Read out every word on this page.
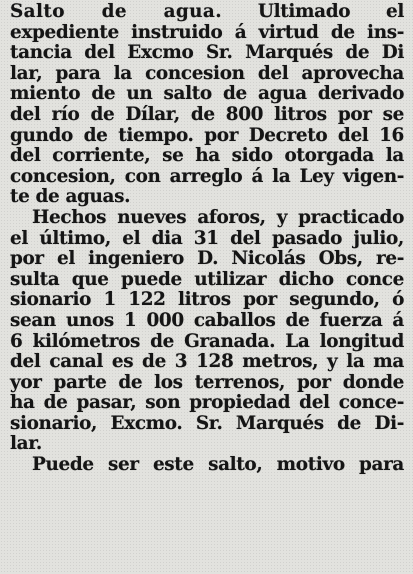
Salto de agua. Ultimado el
expediente instruido á virtud de ins-
tancia del Excmo Sr. Marqués de Di
lar, para la concesion del aprovecha
miento de un salto de agua derivado
del río de Dílar, de 800 litros por se
gundo de tiempo. por Decreto del 16
del corriente, se ha sido otorgada la
concesion, con arreglo á la Ley vigen-
te de aguas.

Hechos nueves aforos, y practicado
el último, el dia 31 del pasado julio,
por el ingeniero D. Nicolás Obs, re-
sulta que puede utilizar dicho conce
sionario 1 122 litros por segundo, ó
sean unos 1 000 caballos de fuerza á
6 kilómetros de Granada. La longitud
del canal es de 3 128 metros, y la ma
yor parte de los terrenos, por donde
ha de pasar, son propiedad del conce-
sionario, Excmo. Sr. Marqués de Di-
lar.

Puede ser este salto, motivo para
